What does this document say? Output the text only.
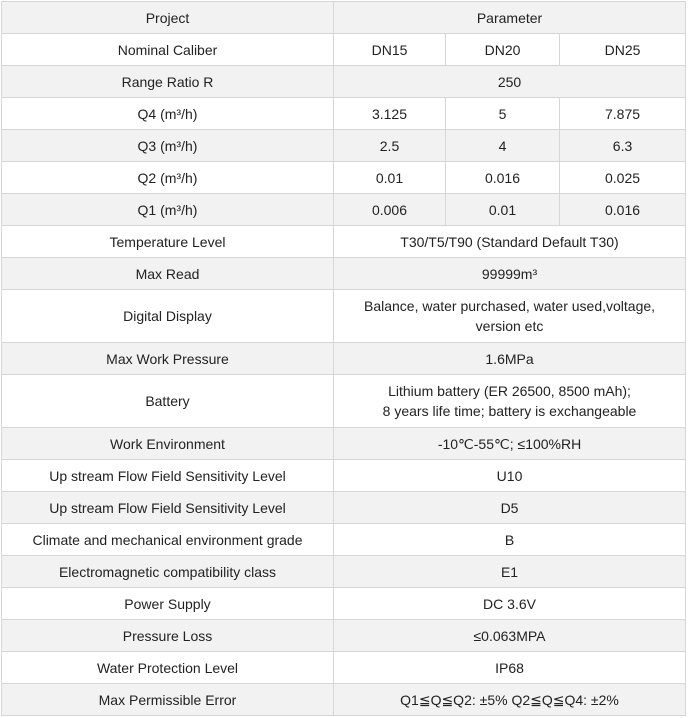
Project	Parameter		
Nominal Caliber	DN15	DN20	DN25
Range Ratio R	250		
Q4 (m³/h)	3.125	5	7.875
Q3 (m³/h)	2.5	4	6.3
Q2 (m³/h)	0.01	0.016	0.025
Q1 (m³/h)	0.006	0.01	0.016
Temperature Level	T30/T5/T90 (Standard Default T30)		
Max Read	99999m³		
Digital Display	Balance, water purchased, water used,voltage, version etc		
Max Work Pressure	1.6MPa		
Battery	Lithium battery (ER 26500, 8500 mAh);
8 years life time; battery is exchangeable		

Work Environment	-10℃-55℃; ≤100%RH		
Up stream Flow Field Sensitivity Level	U10		
Up stream Flow Field Sensitivity Level	D5		
Climate and mechanical environment grade	B		
Electromagnetic compatibility class	E1		
Power Supply	DC 3.6V		
Pressure Loss	≤0.063MPA		
Water Protection Level	IP68		
Max Permissible Error	Q1≦Q≦Q2: ±5% Q2≦Q≦Q4: ±2%		
